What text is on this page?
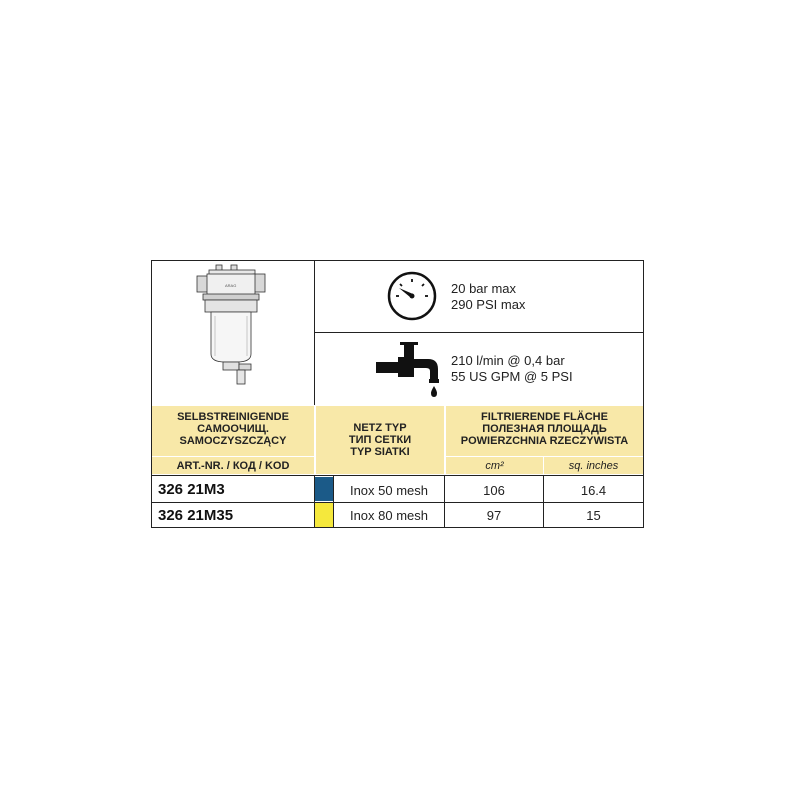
ARAG	20 bar max
290 PSI max
210 l/min @ 0,4 bar
55 US GPM @ 5 PSI
SELBSTREINIGENDE
САМООЧИЩ.
SAMOCZYSZCZĄCY
ART.-NR. / КОД / KOD
NETZ TYP
ТИП СЕТКИ
TYP SIATKI
FILTRIERENDE FLÄCHE
ПОЛЕЗНАЯ ПЛОЩАДЬ
POWIERZCHNIA RZECZYWISTA
cm²	sq. inches
326 21M3	Inox 50 mesh	106	16.4
326 21M35	Inox 80 mesh	97	15
